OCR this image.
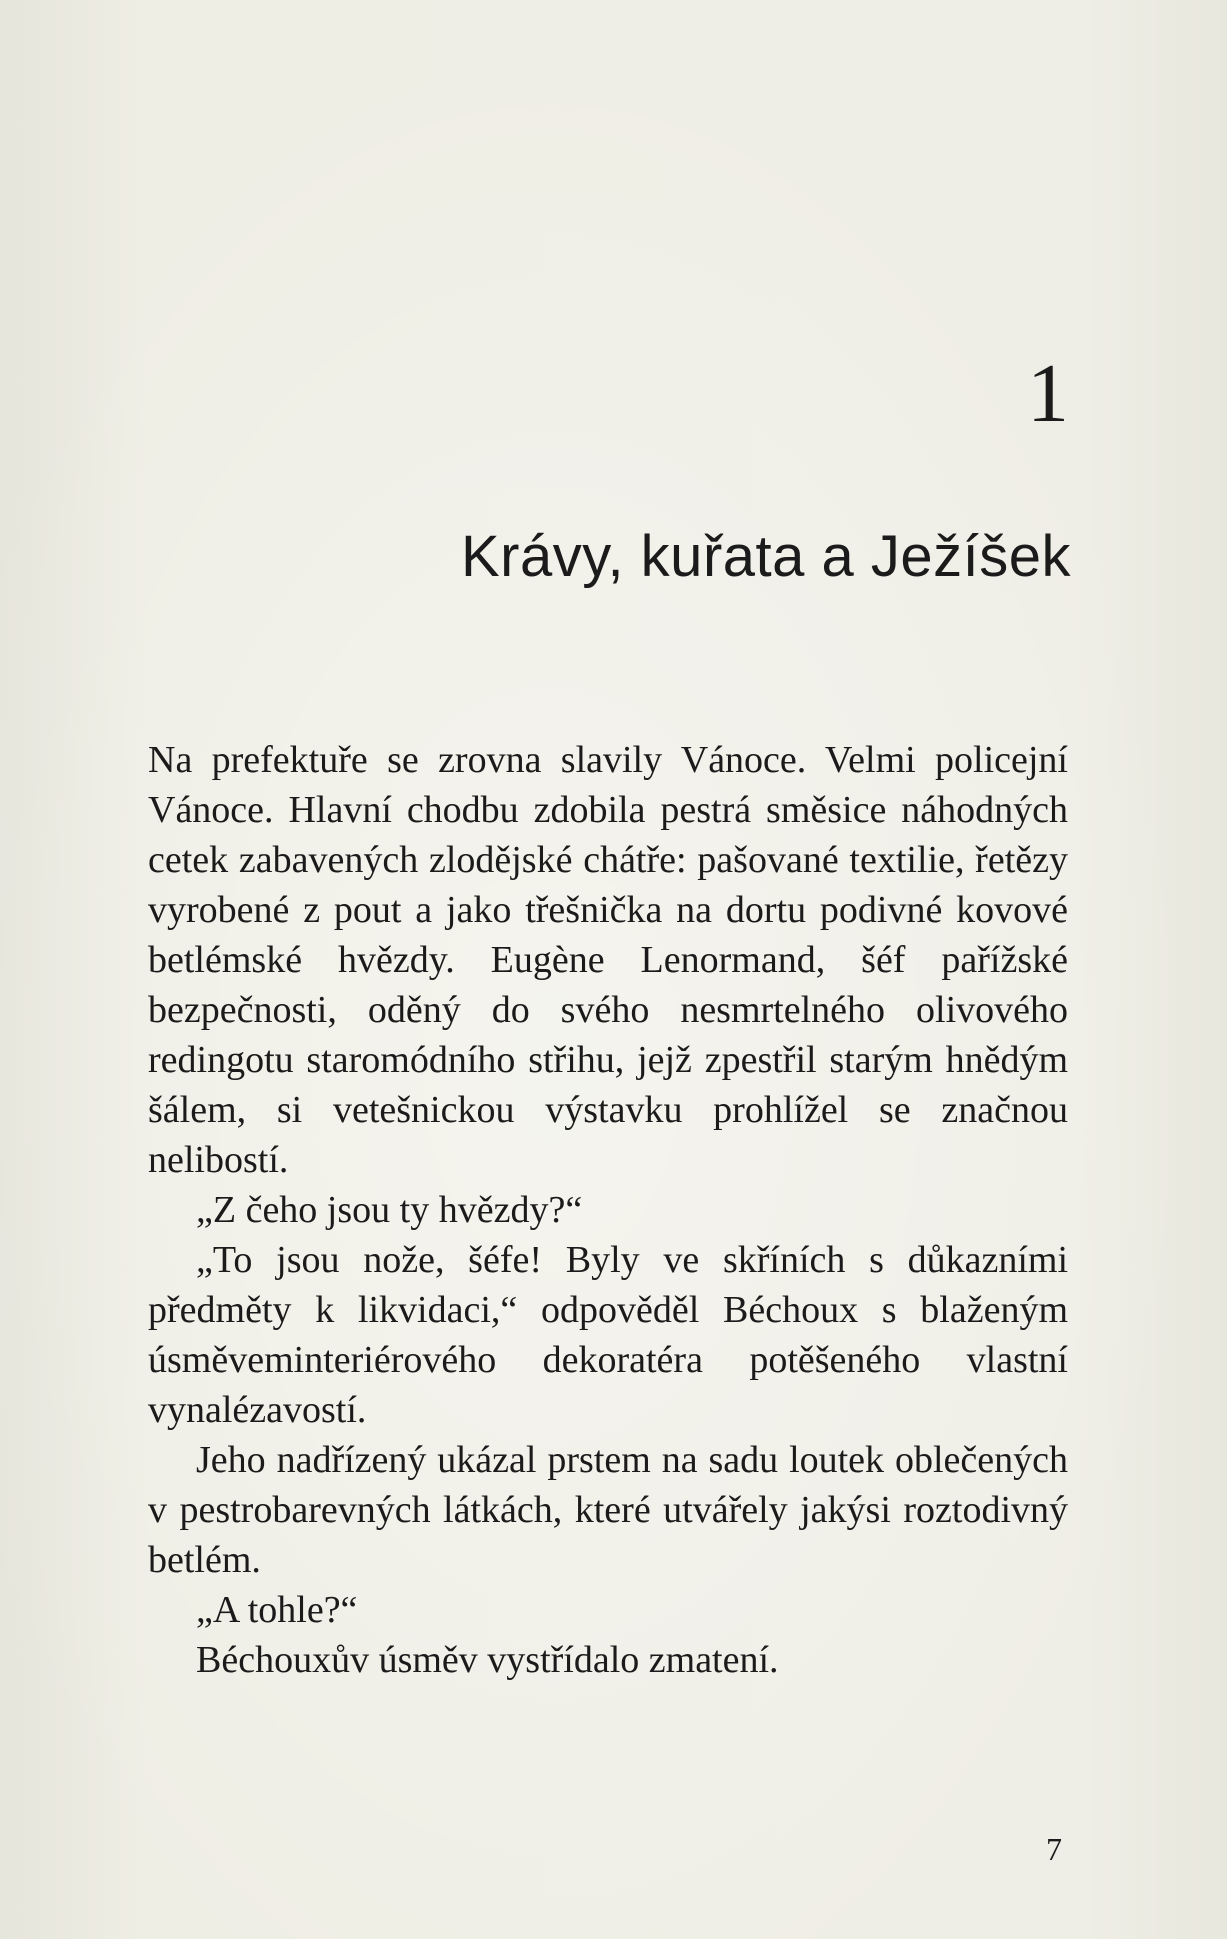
1
Krávy, kuřata a Ježíšek

Na prefektuře se zrovna slavily Vánoce. Velmi policejní Vánoce. Hlavní chodbu zdobila pestrá směsice náhodných cetek zabavených zlodějské chátře: pašované textilie, řetězy vyrobené z pout a jako třešnička na dortu podivné kovové betlémské hvězdy. Eugène Lenormand, šéf pařížské bezpečnosti, oděný do svého nesmrtelného olivového redingotu staromódního střihu, jejž zpestřil starým hnědým šálem, si vetešnickou výstavku prohlížel se značnou nelibostí.

„Z čeho jsou ty hvězdy?“

„To jsou nože, šéfe! Byly ve skříních s důkazními předměty k likvidaci,“ odpověděl Béchoux s blaženým úsměveminteriérového dekoratéra potěšeného vlastní vynalézavostí.

Jeho nadřízený ukázal prstem na sadu loutek oblečených v pestrobarevných látkách, které utvářely jakýsi roztodivný betlém.

„A tohle?“

Béchouxův úsměv vystřídalo zmatení.

7
